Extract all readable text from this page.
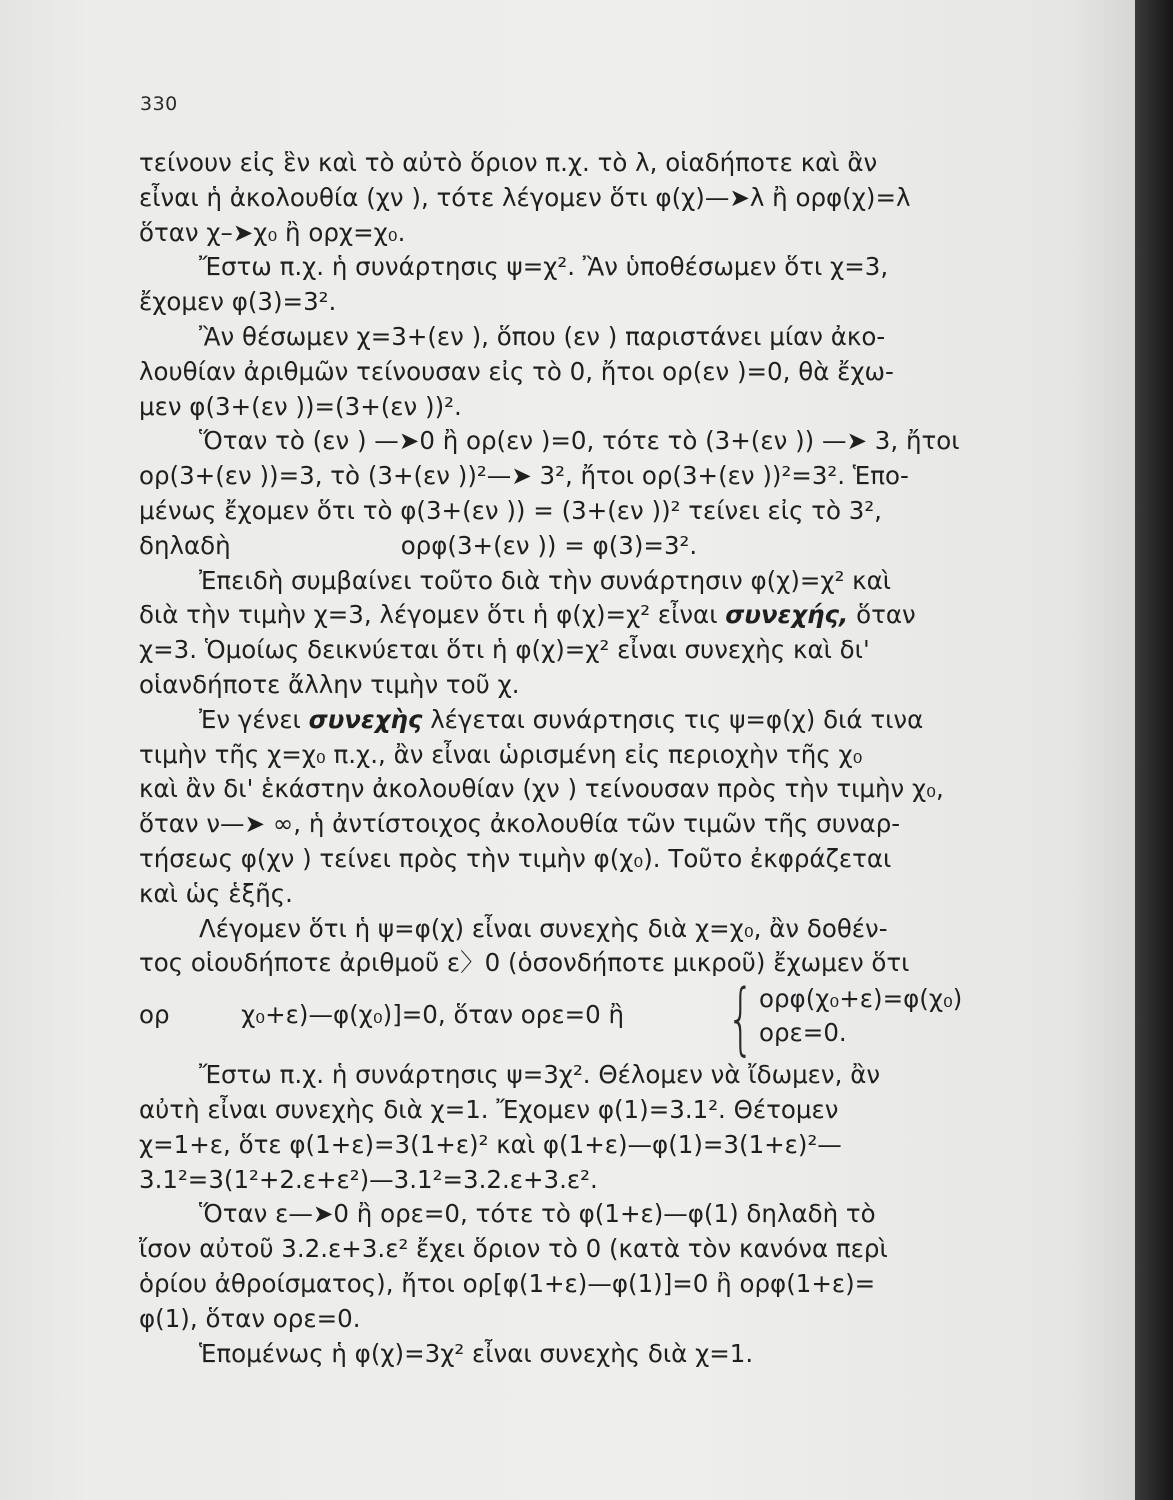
330
τείνουν εἰς ἓν καὶ τὸ αὐτὸ ὅριον π.χ. τὸ λ, οἱαδήποτε καὶ ἂν
εἶναι ἡ ἀκολουθία (χν ), τότε λέγομεν ὅτι φ(χ)—➤λ ἢ ορφ(χ)=λ
ὅταν χ–➤χ₀ ἢ ορχ=χ₀.
Ἔστω π.χ. ἡ συνάρτησις ψ=χ². Ἂν ὑποθέσωμεν ὅτι χ=3,
ἔχομεν φ(3)=3².
Ἂν θέσωμεν χ=3+(εν ), ὅπου (εν ) παριστάνει μίαν ἀκο-
λουθίαν ἀριθμῶν τείνουσαν εἰς τὸ 0, ἤτοι ορ(εν )=0, θὰ ἔχω-
μεν φ(3+(εν ))=(3+(εν ))².
Ὅταν τὸ (εν ) —➤0 ἢ ορ(εν )=0, τότε τὸ (3+(εν )) —➤ 3, ἤτοι
ορ(3+(εν ))=3, τὸ (3+(εν ))²—➤ 3², ἤτοι ορ(3+(εν ))²=3². Ἑπο-
μένως ἔχομεν ὅτι τὸ φ(3+(εν )) = (3+(εν ))² τείνει εἰς τὸ 3²,
δηλαδὴ	ορφ(3+(εν )) = φ(3)=3².
Ἐπειδὴ συμβαίνει τοῦτο διὰ τὴν συνάρτησιν φ(χ)=χ² καὶ
διὰ τὴν τιμὴν χ=3, λέγομεν ὅτι ἡ φ(χ)=χ² εἶναι συνεχής, ὅταν
χ=3. Ὁμοίως δεικνύεται ὅτι ἡ φ(χ)=χ² εἶναι συνεχὴς καὶ δι'
οἱανδήποτε ἄλλην τιμὴν τοῦ χ.
Ἐν γένει συνεχὴς λέγεται συνάρτησις τις ψ=φ(χ) διά τινα
τιμὴν τῆς χ=χ₀ π.χ., ἂν εἶναι ὡρισμένη εἰς περιοχὴν τῆς χ₀
καὶ ἂν δι' ἑκάστην ἀκολουθίαν (χν ) τείνουσαν πρὸς τὴν τιμὴν χ₀,
ὅταν ν—➤ ∞, ἡ ἀντίστοιχος ἀκολουθία τῶν τιμῶν τῆς συναρ-
τήσεως φ(χν ) τείνει πρὸς τὴν τιμὴν φ(χ₀). Τοῦτο ἐκφράζεται
καὶ ὡς ἑξῆς.
Λέγομεν ὅτι ἡ ψ=φ(χ) εἶναι συνεχὴς διὰ χ=χ₀, ἂν δοθέν-
τος οἱουδήποτε ἀριθμοῦ ε〉0 (ὁσονδήποτε μικροῦ) ἔχωμεν ὅτι
ορ	χ₀+ε)—φ(χ₀)]=0, ὅταν ορε=0 ἢ { ορφ(χ₀+ε)=φ(χ₀)
ορε=0.
Ἔστω π.χ. ἡ συνάρτησις ψ=3χ². Θέλομεν νὰ ἴδωμεν, ἂν
αὐτὴ εἶναι συνεχὴς διὰ χ=1. Ἔχομεν φ(1)=3.1². Θέτομεν
χ=1+ε, ὅτε φ(1+ε)=3(1+ε)² καὶ φ(1+ε)—φ(1)=3(1+ε)²—
3.1²=3(1²+2.ε+ε²)—3.1²=3.2.ε+3.ε².
Ὅταν ε—➤0 ἢ ορε=0, τότε τὸ φ(1+ε)—φ(1) δηλαδὴ τὸ
ἴσον αὐτοῦ 3.2.ε+3.ε² ἔχει ὅριον τὸ 0 (κατὰ τὸν κανόνα περὶ
ὁρίου ἀθροίσματος), ἤτοι ορ[φ(1+ε)—φ(1)]=0 ἢ ορφ(1+ε)=
φ(1), ὅταν ορε=0.
Ἑπομένως ἡ φ(χ)=3χ² εἶναι συνεχὴς διὰ χ=1.
